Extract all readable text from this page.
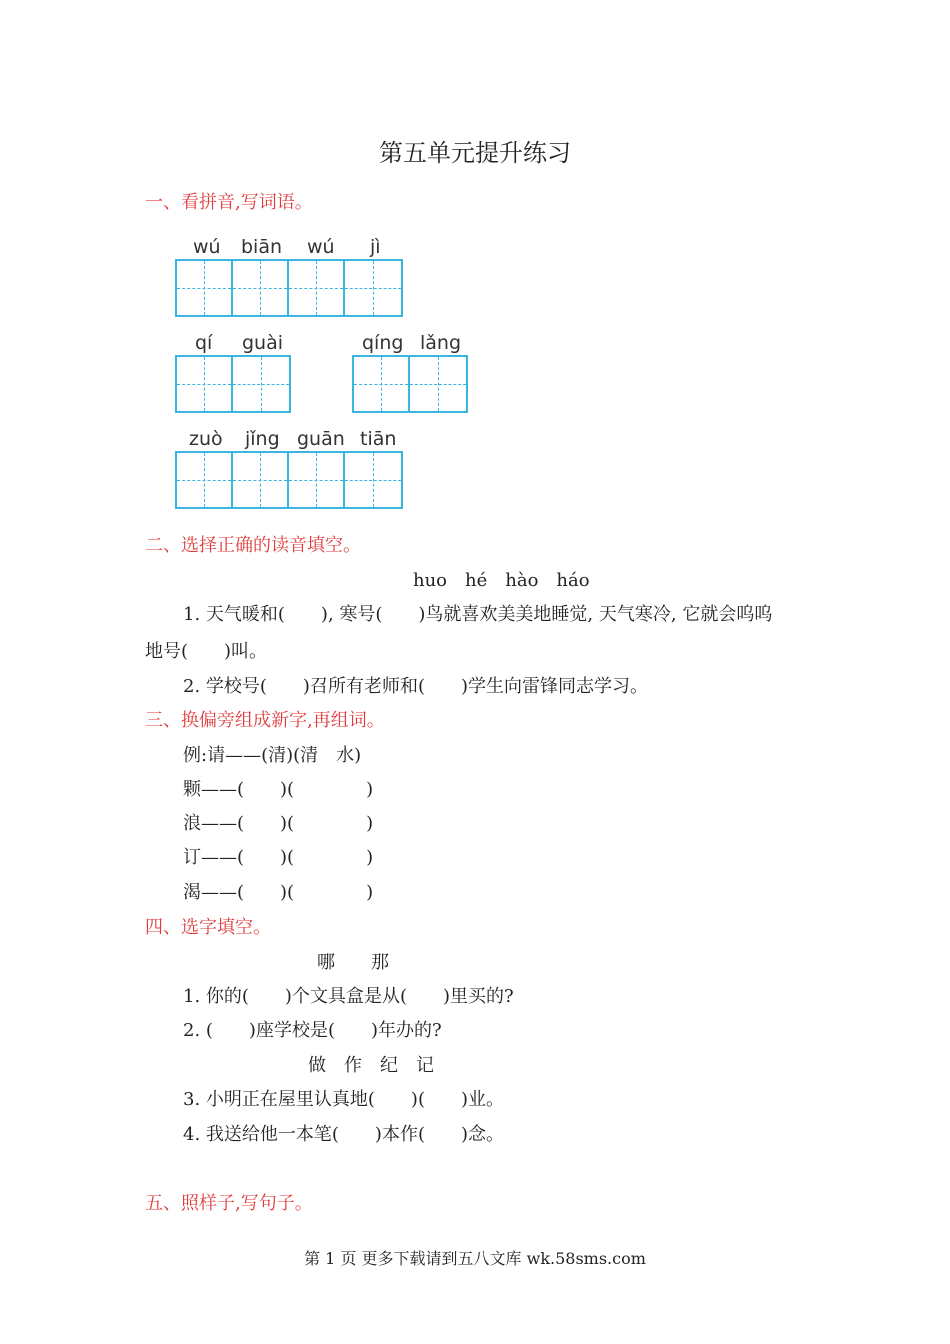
第五单元提升练习
一、看拼音,写词语。
wú biān wú jì
qí guài	qíng lǎng
zuò jǐng guān tiān
二、选择正确的读音填空。
huo　hé　hào　háo
1. 天气暖和(　　), 寒号(　　)鸟就喜欢美美地睡觉, 天气寒冷, 它就会呜呜
地号(　　)叫。
2. 学校号(　　)召所有老师和(　　)学生向雷锋同志学习。
三、换偏旁组成新字,再组词。
例:请——(清)(清　水)
颗——(　　)(　　　　)
浪——(　　)(　　　　)
订——(　　)(　　　　)
渴——(　　)(　　　　)
四、选字填空。
哪　　那
1. 你的(　　)个文具盒是从(　　)里买的?
2. (　　)座学校是(　　)年办的?
做　作　纪　记
3. 小明正在屋里认真地(　　)(　　)业。
4. 我送给他一本笔(　　)本作(　　)念。
五、照样子,写句子。
第 1 页 更多下载请到五八文库 wk.58sms.com
